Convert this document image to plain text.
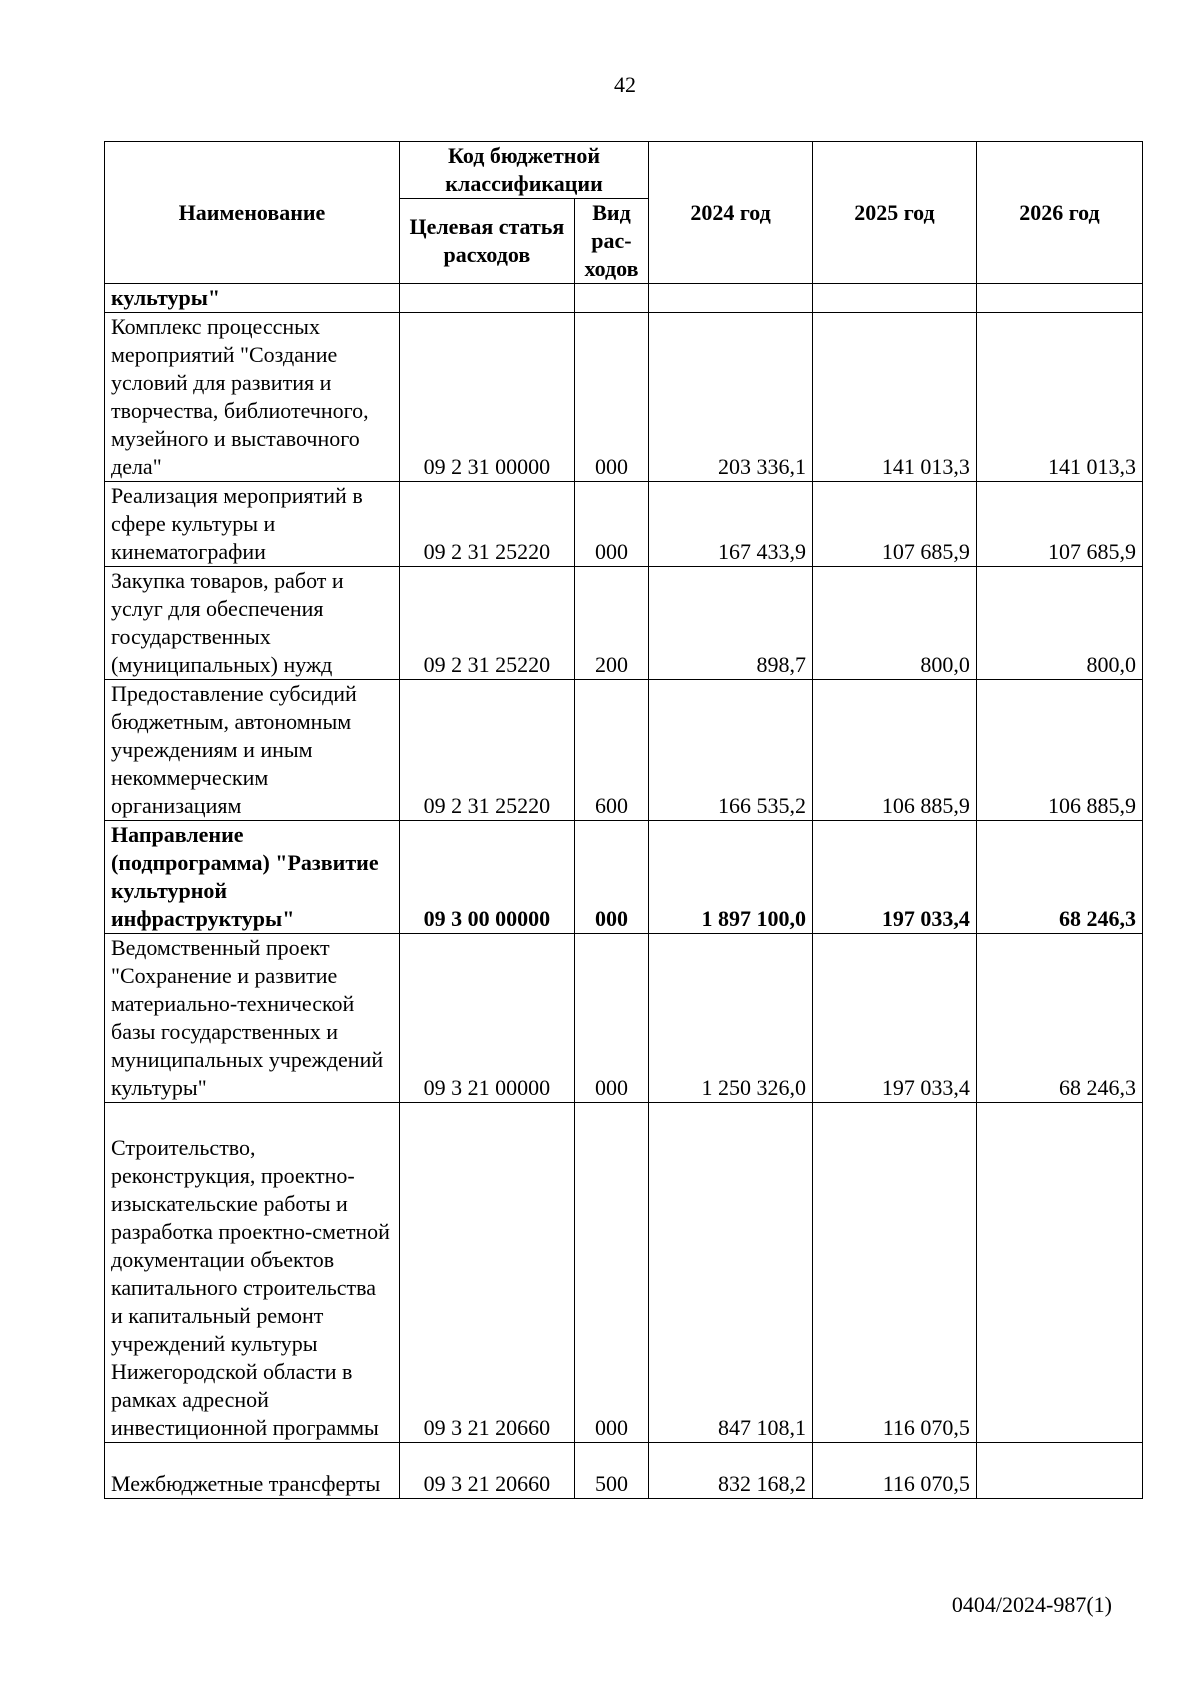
42
Наименование	Код бюджетной классификации		2024 год	2025 год	2026 год
	Целевая статья расходов	Вид рас-ходов			
культуры"					
Комплекс процессных мероприятий "Создание условий для развития и творчества, библиотечного, музейного и выставочного дела"	09 2 31 00000	000	203 336,1	141 013,3	141 013,3
Реализация мероприятий в сфере культуры и кинематографии	09 2 31 25220	000	167 433,9	107 685,9	107 685,9
Закупка товаров, работ и услуг для обеспечения государственных (муниципальных) нужд	09 2 31 25220	200	898,7	800,0	800,0
Предоставление субсидий бюджетным, автономным учреждениям и иным некоммерческим организациям	09 2 31 25220	600	166 535,2	106 885,9	106 885,9
Направление (подпрограмма) "Развитие культурной инфраструктуры"	09 3 00 00000	000	1 897 100,0	197 033,4	68 246,3
Ведомственный проект "Сохранение и развитие материально-технической базы государственных и муниципальных учреждений культуры"	09 3 21 00000	000	1 250 326,0	197 033,4	68 246,3
Строительство, реконструкция, проектно-изыскательские работы и разработка проектно-сметной документации объектов капитального строительства и капитальный ремонт учреждений культуры Нижегородской области в рамках адресной инвестиционной программы	09 3 21 20660	000	847 108,1	116 070,5	
Межбюджетные трансферты	09 3 21 20660	500	832 168,2	116 070,5	
0404/2024-987(1)
